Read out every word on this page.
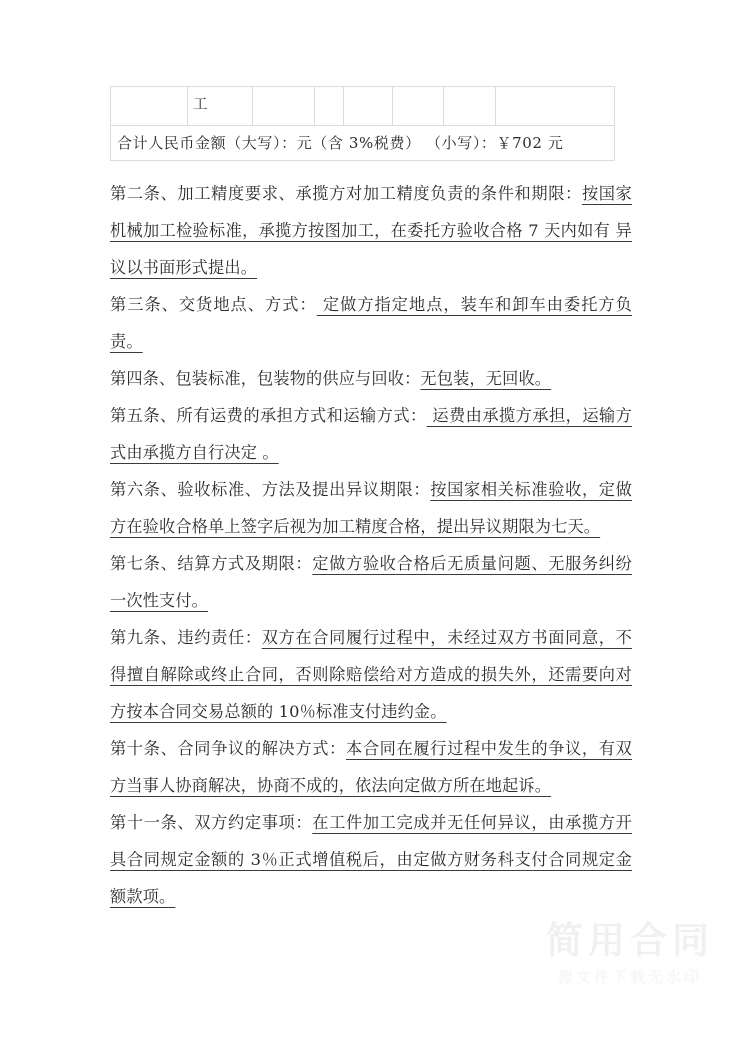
简用合同
源文件下载无水印
	工						
合计人民币金额（大写）：元（含 3%税费） （小写）：￥702 元

第二条、加工精度要求、承揽方对加工精度负责的条件和期限：按国家机械加工检验标准，承揽方按图加工，在委托方验收合格 7 天内如有 异议以书面形式提出。

第三条、交货地点、方式： 定做方指定地点，装车和卸车由委托方负责。

第四条、包装标准，包装物的供应与回收：无包装，无回收。

第五条、所有运费的承担方式和运输方式： 运费由承揽方承担，运输方式由承揽方自行决定 。

第六条、验收标准、方法及提出异议期限：按国家相关标准验收，定做方在验收合格单上签字后视为加工精度合格，提出异议期限为七天。

第七条、结算方式及期限：定做方验收合格后无质量问题、无服务纠纷一次性支付。

第九条、违约责任：双方在合同履行过程中，未经过双方书面同意，不得擅自解除或终止合同，否则除赔偿给对方造成的损失外，还需要向对方按本合同交易总额的 10％标准支付违约金。

第十条、合同争议的解决方式：本合同在履行过程中发生的争议，有双方当事人协商解决，协商不成的，依法向定做方所在地起诉。

第十一条、双方约定事项：在工件加工完成并无任何异议，由承揽方开具合同规定金额的 3％正式增值税后，由定做方财务科支付合同规定金额款项。
